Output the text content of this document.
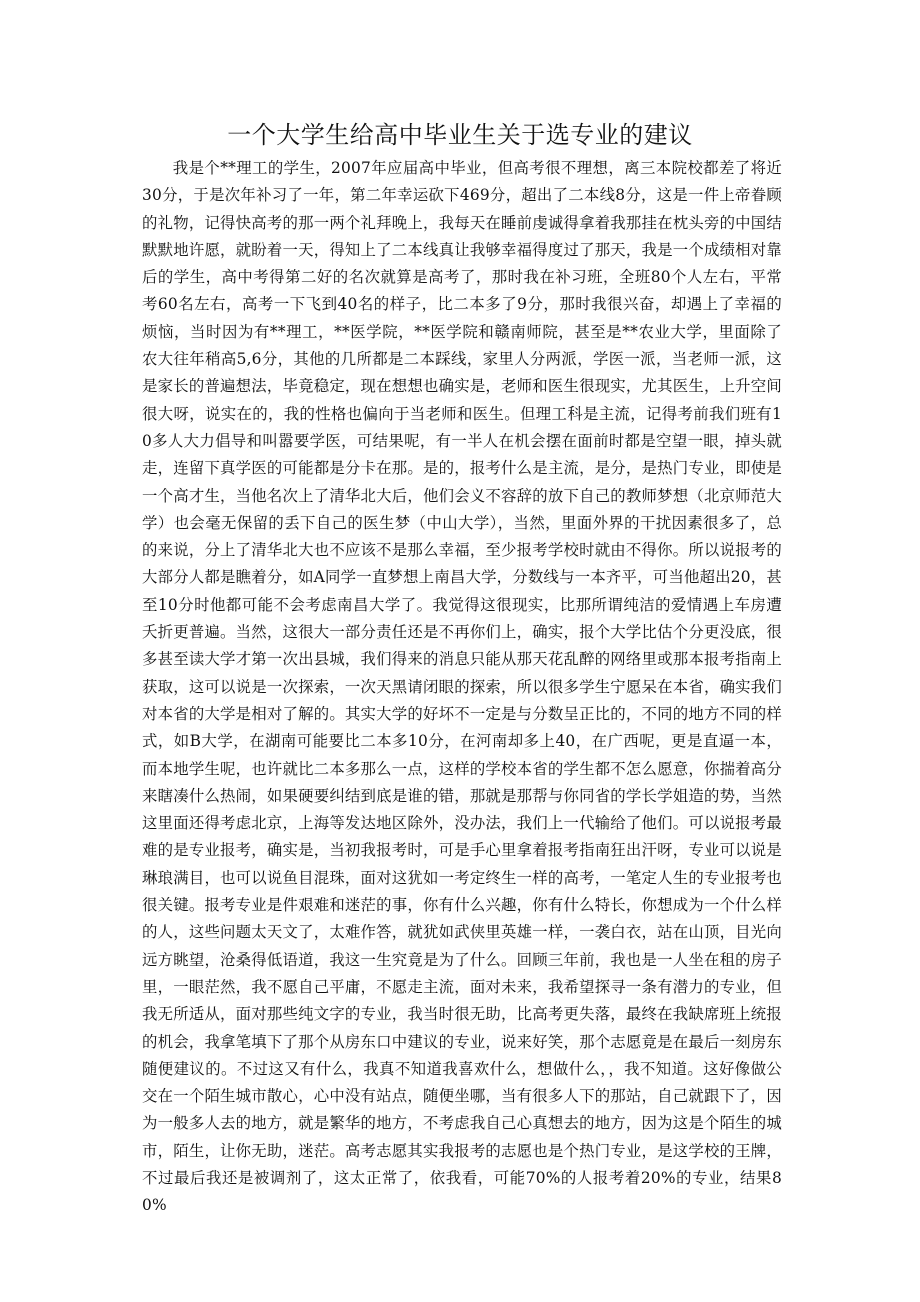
一个大学生给高中毕业生关于选专业的建议

我是个**理工的学生，2007年应届高中毕业，但高考很不理想，离三本院校都差了将近30分，于是次年补习了一年，第二年幸运砍下469分，超出了二本线8分，这是一件上帝眷顾的礼物，记得快高考的那一两个礼拜晚上，我每天在睡前虔诚得拿着我那挂在枕头旁的中国结默默地许愿，就盼着一天，得知上了二本线真让我够幸福得度过了那天，我是一个成绩相对靠后的学生，高中考得第二好的名次就算是高考了，那时我在补习班，全班80个人左右，平常考60名左右，高考一下飞到40名的样子，比二本多了9分，那时我很兴奋，却遇上了幸福的烦恼，当时因为有**理工，**医学院，**医学院和赣南师院，甚至是**农业大学，里面除了农大往年稍高5,6分，其他的几所都是二本踩线，家里人分两派，学医一派，当老师一派，这是家长的普遍想法，毕竟稳定，现在想想也确实是，老师和医生很现实，尤其医生，上升空间很大呀，说实在的，我的性格也偏向于当老师和医生。但理工科是主流，记得考前我们班有10多人大力倡导和叫嚣要学医，可结果呢，有一半人在机会摆在面前时都是空望一眼，掉头就走，连留下真学医的可能都是分卡在那。是的，报考什么是主流，是分，是热门专业，即使是一个高才生，当他名次上了清华北大后，他们会义不容辞的放下自己的教师梦想（北京师范大学）也会毫无保留的丢下自己的医生梦（中山大学），当然，里面外界的干扰因素很多了，总的来说，分上了清华北大也不应该不是那么幸福，至少报考学校时就由不得你。所以说报考的大部分人都是瞧着分，如A同学一直梦想上南昌大学，分数线与一本齐平，可当他超出20，甚至10分时他都可能不会考虑南昌大学了。我觉得这很现实，比那所谓纯洁的爱情遇上车房遭夭折更普遍。当然，这很大一部分责任还是不再你们上，确实，报个大学比估个分更没底，很多甚至读大学才第一次出县城，我们得来的消息只能从那天花乱醉的网络里或那本报考指南上获取，这可以说是一次探索，一次天黑请闭眼的探索，所以很多学生宁愿呆在本省，确实我们对本省的大学是相对了解的。其实大学的好坏不一定是与分数呈正比的，不同的地方不同的样式，如B大学，在湖南可能要比二本多10分，在河南却多上40，在广西呢，更是直逼一本，而本地学生呢，也许就比二本多那么一点，这样的学校本省的学生都不怎么愿意，你揣着高分来瞎凑什么热闹，如果硬要纠结到底是谁的错，那就是那帮与你同省的学长学姐造的势，当然这里面还得考虑北京，上海等发达地区除外，没办法，我们上一代输给了他们。可以说报考最难的是专业报考，确实是，当初我报考时，可是手心里拿着报考指南狂出汗呀，专业可以说是琳琅满目，也可以说鱼目混珠，面对这犹如一考定终生一样的高考，一笔定人生的专业报考也很关键。报考专业是件艰难和迷茫的事，你有什么兴趣，你有什么特长，你想成为一个什么样的人，这些问题太天文了，太难作答，就犹如武侠里英雄一样，一袭白衣，站在山顶，目光向远方眺望，沧桑得低语道，我这一生究竟是为了什么。回顾三年前，我也是一人坐在租的房子里，一眼茫然，我不愿自己平庸，不愿走主流，面对未来，我希望探寻一条有潜力的专业，但我无所适从，面对那些纯文字的专业，我当时很无助，比高考更失落，最终在我缺席班上统报的机会，我拿笔填下了那个从房东口中建议的专业，说来好笑，那个志愿竟是在最后一刻房东随便建议的。不过这又有什么，我真不知道我喜欢什么，想做什么，，我不知道。这好像做公交在一个陌生城市散心，心中没有站点，随便坐哪，当有很多人下的那站，自己就跟下了，因为一般多人去的地方，就是繁华的地方，不考虑我自己心真想去的地方，因为这是个陌生的城市，陌生，让你无助，迷茫。高考志愿其实我报考的志愿也是个热门专业，是这学校的王牌，不过最后我还是被调剂了，这太正常了，依我看，可能70%的人报考着20%的专业，结果80%
